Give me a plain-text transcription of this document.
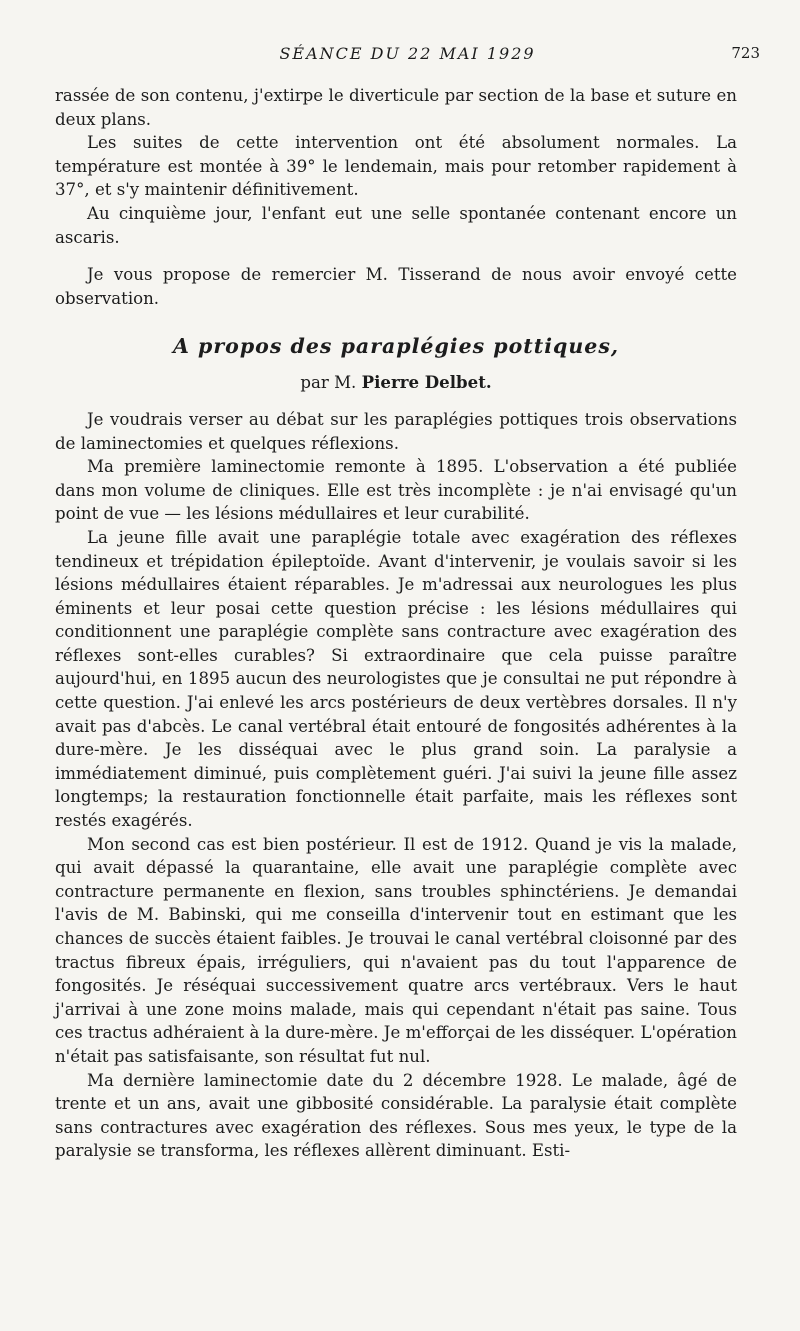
SÉANCE DU 22 MAI 1929	723

rassée de son contenu, j'extirpe le diverticule par section de la base et suture en deux plans.

Les suites de cette intervention ont été absolument normales. La température est montée à 39° le lendemain, mais pour retomber rapidement à 37°, et s'y maintenir définitivement.

Au cinquième jour, l'enfant eut une selle spontanée contenant encore un ascaris.

Je vous propose de remercier M. Tisserand de nous avoir envoyé cette observation.

A propos des paraplégies pottiques,
par M. Pierre Delbet.

Je voudrais verser au débat sur les paraplégies pottiques trois observations de laminectomies et quelques réflexions.

Ma première laminectomie remonte à 1895. L'observation a été publiée dans mon volume de cliniques. Elle est très incomplète : je n'ai envisagé qu'un point de vue — les lésions médullaires et leur curabilité.

La jeune fille avait une paraplégie totale avec exagération des réflexes tendineux et trépidation épileptoïde. Avant d'intervenir, je voulais savoir si les lésions médullaires étaient réparables. Je m'adressai aux neurologues les plus éminents et leur posai cette question précise : les lésions médullaires qui conditionnent une paraplégie complète sans contracture avec exagération des réflexes sont-elles curables? Si extraordinaire que cela puisse paraître aujourd'hui, en 1895 aucun des neurologistes que je consultai ne put répondre à cette question. J'ai enlevé les arcs postérieurs de deux vertèbres dorsales. Il n'y avait pas d'abcès. Le canal vertébral était entouré de fongosités adhérentes à la dure-mère. Je les disséquai avec le plus grand soin. La paralysie a immédiatement diminué, puis complètement guéri. J'ai suivi la jeune fille assez longtemps; la restauration fonctionnelle était parfaite, mais les réflexes sont restés exagérés.

Mon second cas est bien postérieur. Il est de 1912. Quand je vis la malade, qui avait dépassé la quarantaine, elle avait une paraplégie complète avec contracture permanente en flexion, sans troubles sphinctériens. Je demandai l'avis de M. Babinski, qui me conseilla d'intervenir tout en estimant que les chances de succès étaient faibles. Je trouvai le canal vertébral cloisonné par des tractus fibreux épais, irréguliers, qui n'avaient pas du tout l'apparence de fongosités. Je réséquai successivement quatre arcs vertébraux. Vers le haut j'arrivai à une zone moins malade, mais qui cependant n'était pas saine. Tous ces tractus adhéraient à la dure-mère. Je m'efforçai de les disséquer. L'opération n'était pas satisfaisante, son résultat fut nul.

Ma dernière laminectomie date du 2 décembre 1928. Le malade, âgé de trente et un ans, avait une gibbosité considérable. La paralysie était complète sans contractures avec exagération des réflexes. Sous mes yeux, le type de la paralysie se transforma, les réflexes allèrent diminuant. Esti-
